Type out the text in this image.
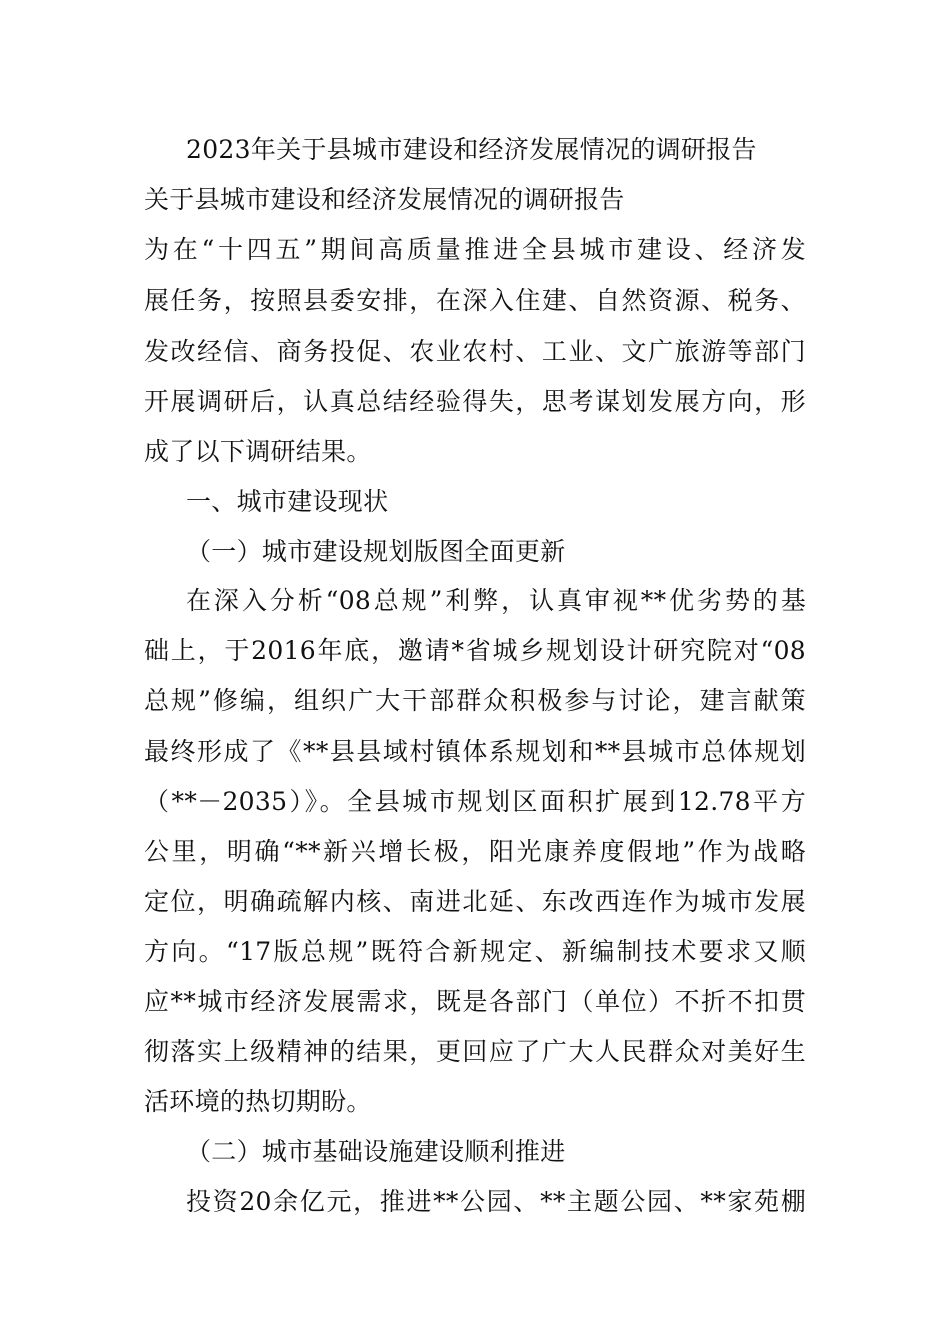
2023年关于县城市建设和经济发展情况的调研报告
关于县城市建设和经济发展情况的调研报告
为在“十四五”期间高质量推进全县城市建设、经济发
展任务，按照县委安排，在深入住建、自然资源、税务、
发改经信、商务投促、农业农村、工业、文广旅游等部门
开展调研后，认真总结经验得失，思考谋划发展方向，形
成了以下调研结果。
一、城市建设现状
（一）城市建设规划版图全面更新
在深入分析“08总规”利弊，认真审视**优劣势的基
础上，于2016年底，邀请*省城乡规划设计研究院对“08
总规”修编，组织广大干部群众积极参与讨论，建言献策
最终形成了《**县县域村镇体系规划和**县城市总体规划
（**－2035）》。全县城市规划区面积扩展到12.78平方
公里，明确“**新兴增长极，阳光康养度假地”作为战略
定位，明确疏解内核、南进北延、东改西连作为城市发展
方向。“17版总规”既符合新规定、新编制技术要求又顺
应**城市经济发展需求，既是各部门（单位）不折不扣贯
彻落实上级精神的结果，更回应了广大人民群众对美好生
活环境的热切期盼。
（二）城市基础设施建设顺利推进
投资20余亿元，推进**公园、**主题公园、**家苑棚
